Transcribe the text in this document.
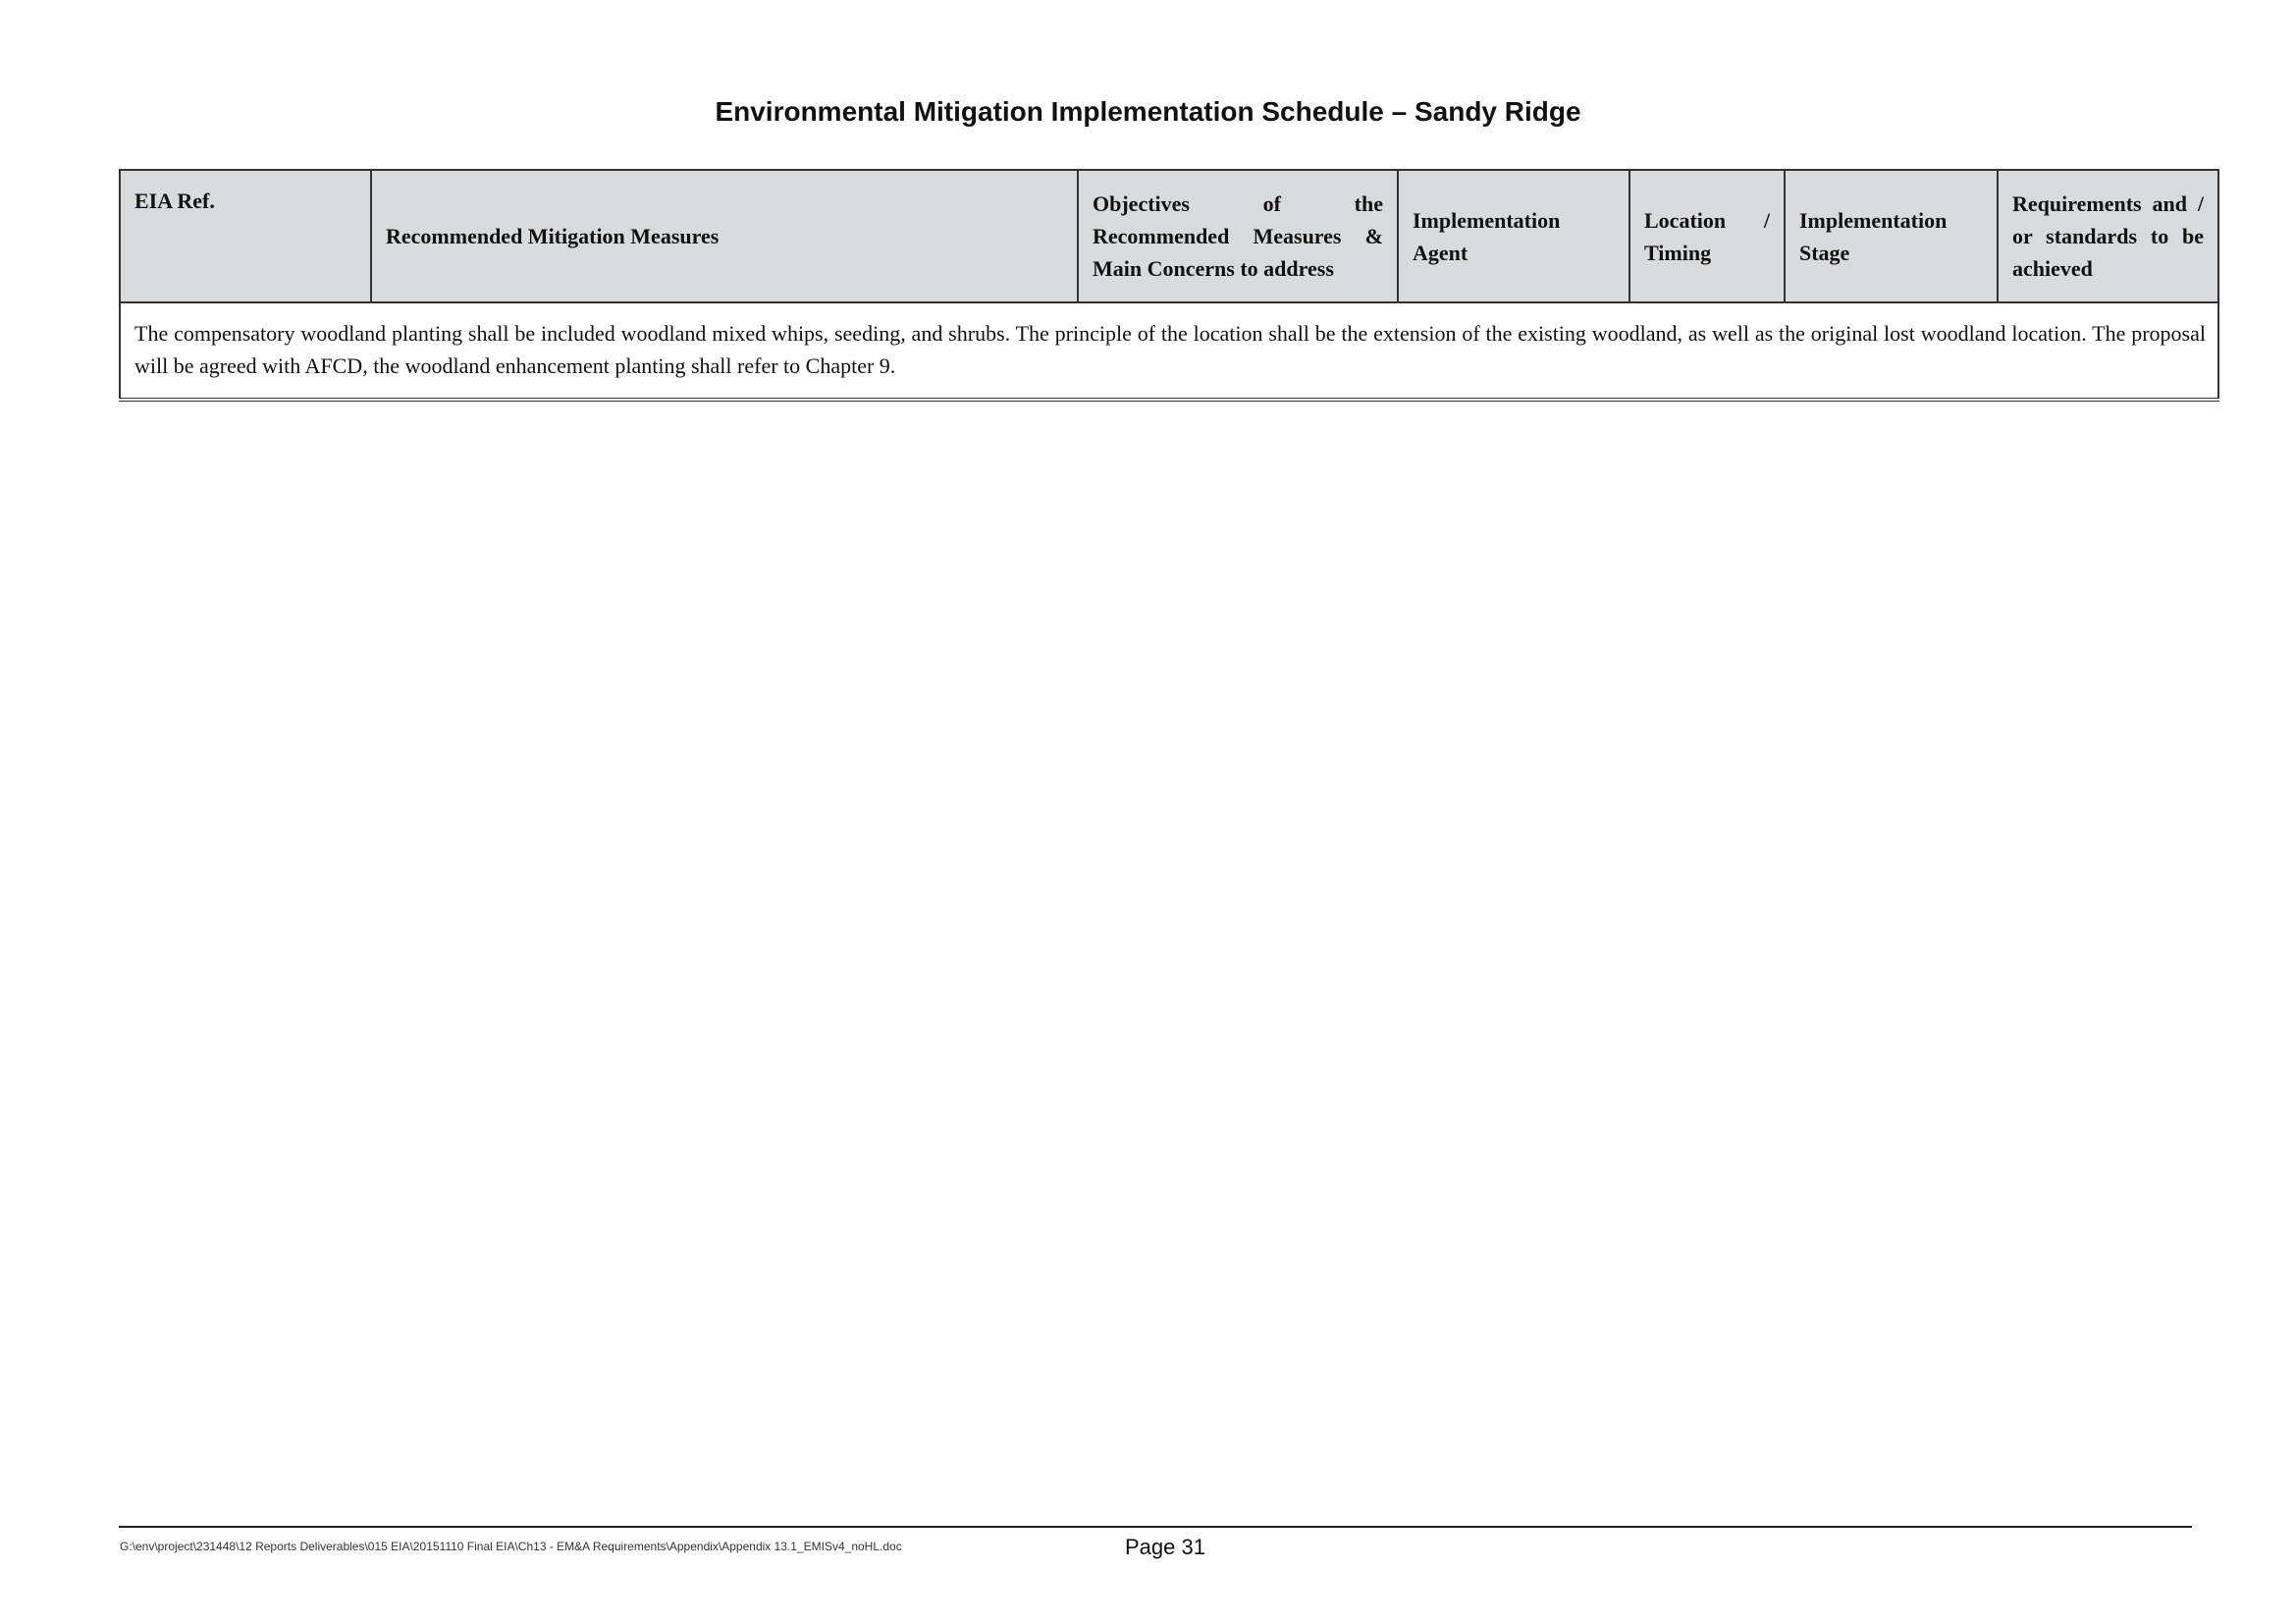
Environmental Mitigation Implementation Schedule – Sandy Ridge
EIA Ref.	Recommended Mitigation Measures	Objectives of the Recommended Measures & Main Concerns to address	Implementation Agent	Location / Timing	Implementation Stage	Requirements and / or standards to be achieved
The compensatory woodland planting shall be included woodland mixed whips, seeding, and shrubs. The principle of the location shall be the extension of the existing woodland, as well as the original lost woodland location. The proposal will be agreed with AFCD, the woodland enhancement planting shall refer to Chapter 9.
G:\env\project\231448\12 Reports Deliverables\015 EIA\20151110 Final EIA\Ch13 - EM&A Requirements\Appendix\Appendix 13.1_EMISv4_noHL.doc	Page 31
